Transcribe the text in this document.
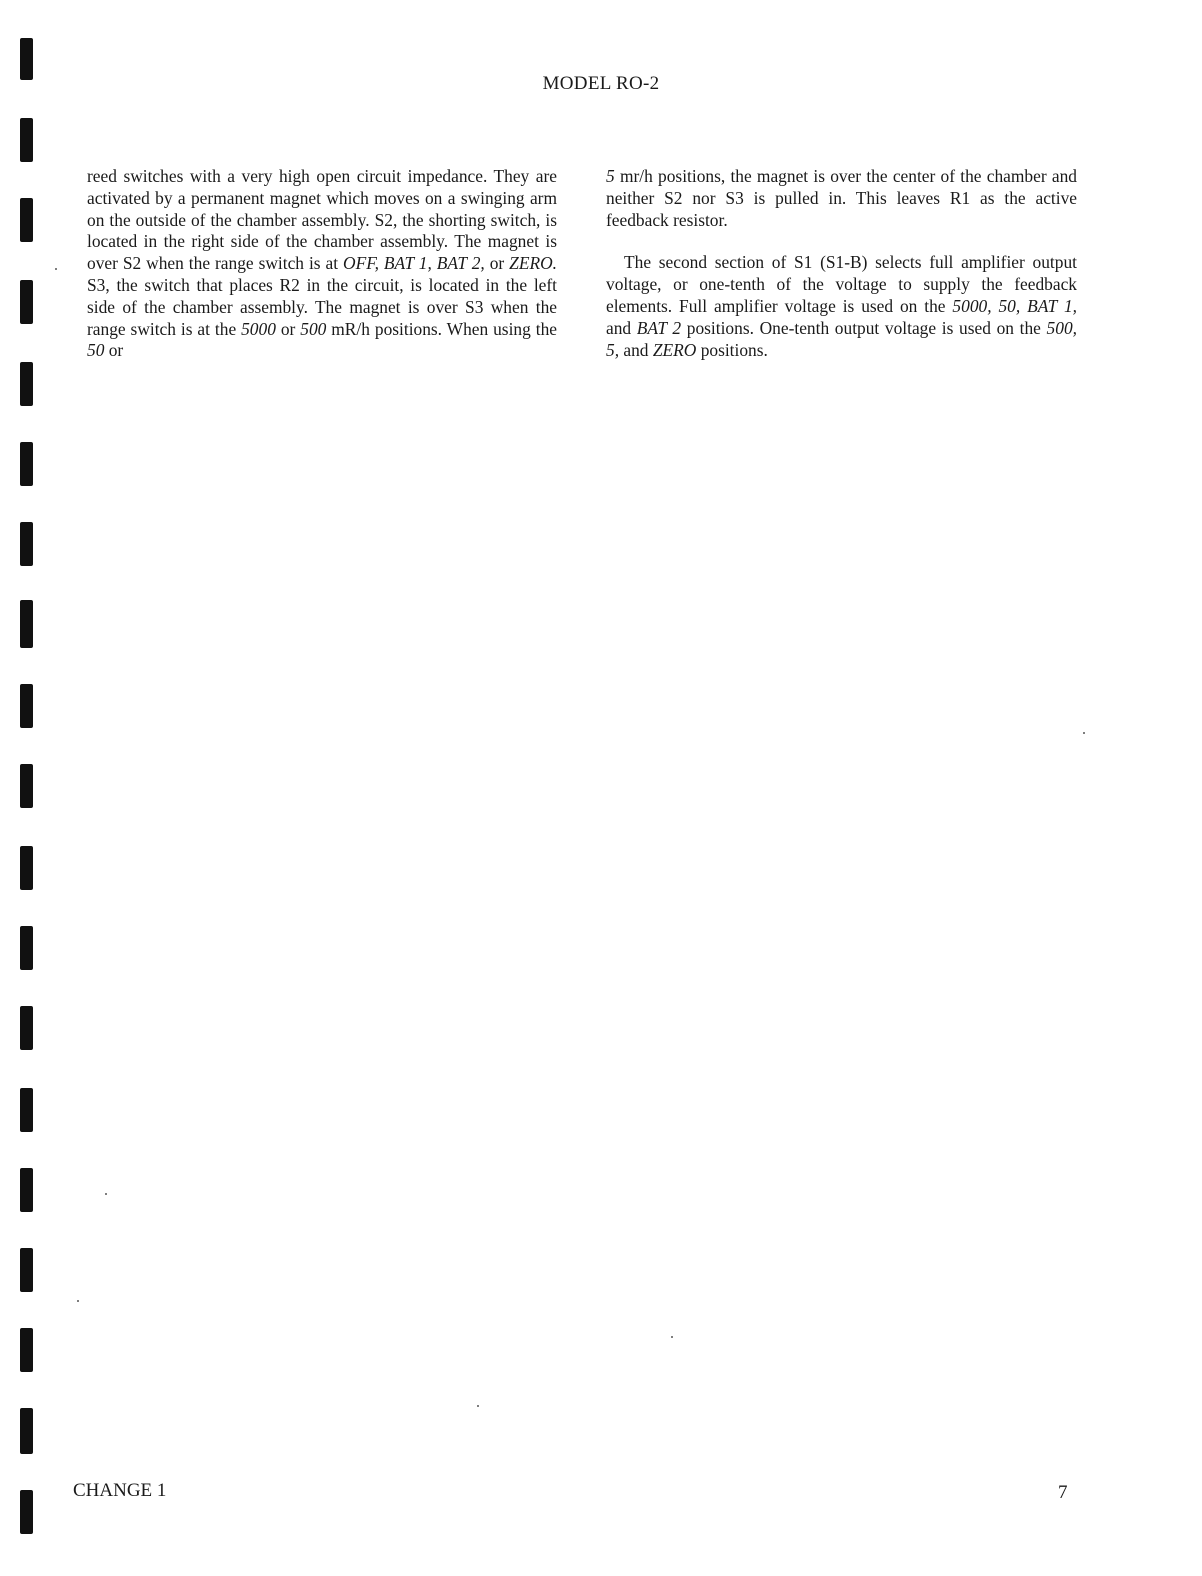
MODEL RO-2

reed switches with a very high open circuit impedance. They are activated by a permanent magnet which moves on a swinging arm on the outside of the chamber assembly. S2, the shorting switch, is located in the right side of the chamber assembly. The magnet is over S2 when the range switch is at OFF, BAT 1, BAT 2, or ZERO. S3, the switch that places R2 in the circuit, is located in the left side of the chamber assembly. The magnet is over S3 when the range switch is at the 5000 or 500 mR/h positions. When using the 50 or

5 mr/h positions, the magnet is over the center of the chamber and neither S2 nor S3 is pulled in. This leaves R1 as the active feedback resistor.

The second section of S1 (S1-B) selects full amplifier output voltage, or one-tenth of the voltage to supply the feedback elements. Full amplifier voltage is used on the 5000, 50, BAT 1, and BAT 2 positions. One-tenth output voltage is used on the 500, 5, and ZERO positions.

CHANGE 1	7
